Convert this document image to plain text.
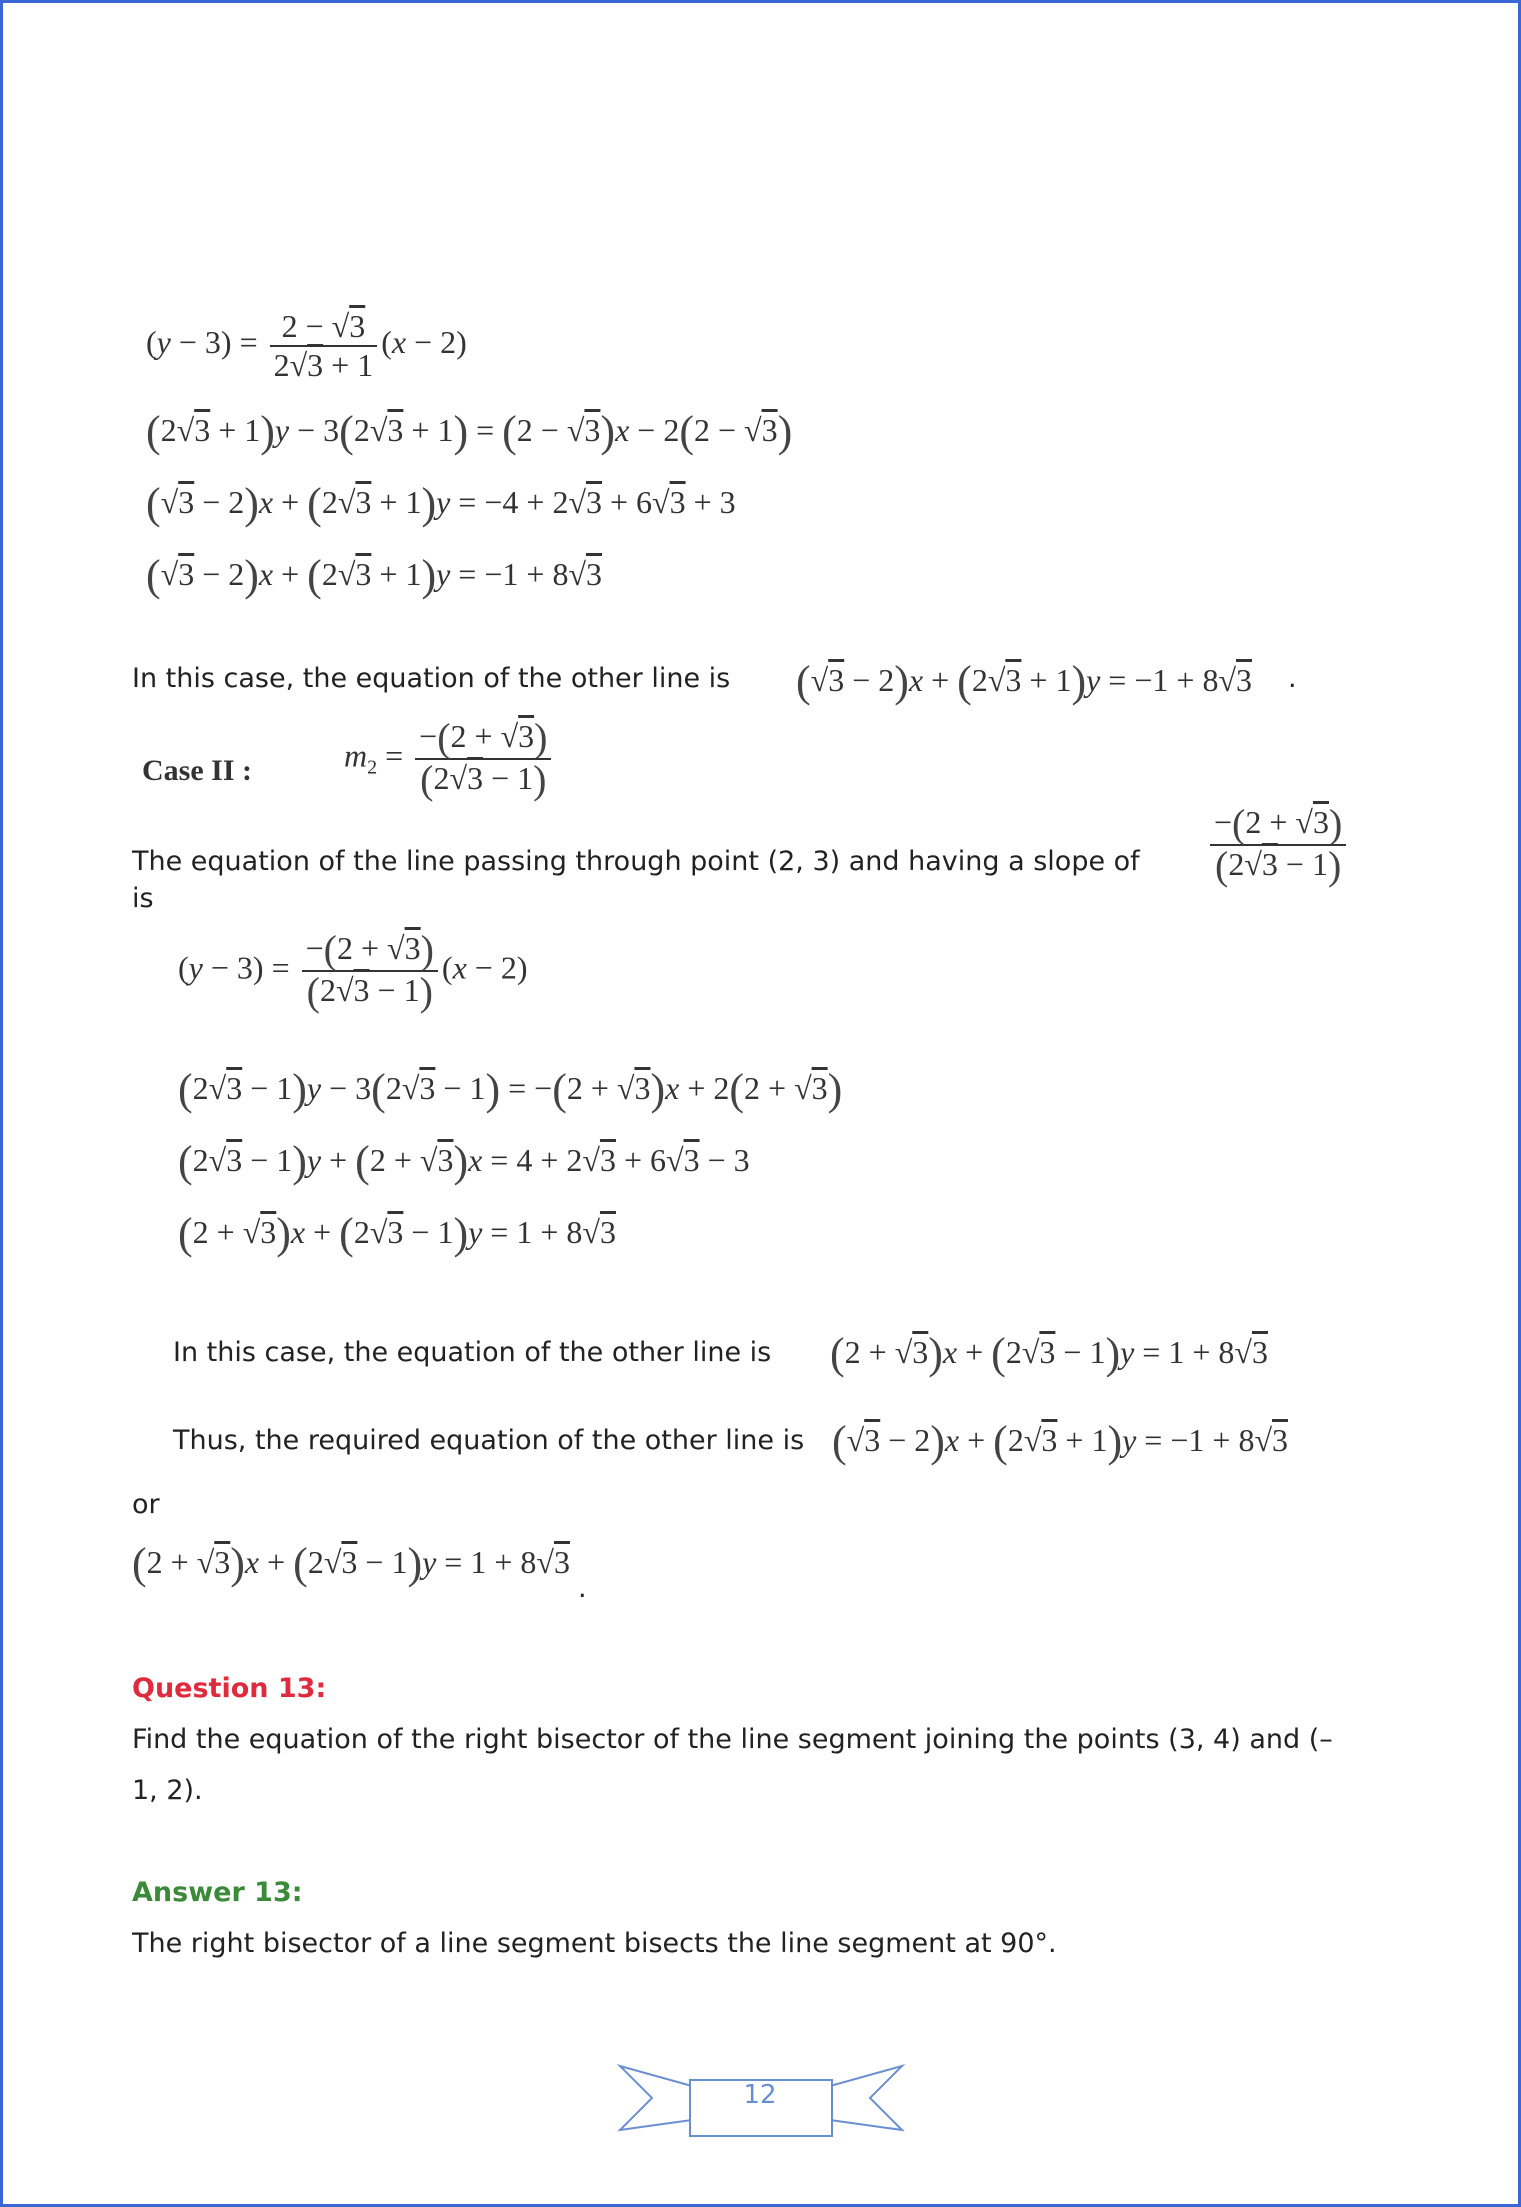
$(y - 3) = \frac{2 - √3}{2√3 + 1} (x - 2)$
(2√3 + 1)y − 3(2√3 + 1) = (2 − √3)x − 2(2 − √3)
(√3 − 2)x + (2√3 + 1)y = −4 + 2√3 + 6√3 + 3
(√3 − 2)x + (2√3 + 1)y = −1 + 8√3
In this case, the equation of the other line is (√3 − 2)x + (2√3 + 1)y = −1 + 8√3 .
Case II :	$m_2 = \frac{-(2 + √3)}{(2√3 - 1)}$
The equation of the line passing through point (2, 3) and having a slope of
is
$\frac{-(2 + √3)}{(2√3 - 1)}$
$(y - 3) = \frac{-(2 + √3)}{(2√3 - 1)} (x - 2)$
(2√3 − 1)y − 3(2√3 − 1) = −(2 + √3)x + 2(2 + √3)
(2√3 − 1)y + (2 + √3)x = 4 + 2√3 + 6√3 − 3
(2 + √3)x + (2√3 − 1)y = 1 + 8√3
In this case, the equation of the other line is (2 + √3)x + (2√3 − 1)y = 1 + 8√3
Thus, the required equation of the other line is (√3 − 2)x + (2√3 + 1)y = −1 + 8√3
or
(2 + √3)x + (2√3 − 1)y = 1 + 8√3
.
Question 13:
Find the equation of the right bisector of the line segment joining the points (3, 4) and (–
1, 2).
Answer 13:
The right bisector of a line segment bisects the line segment at 90°.
12
